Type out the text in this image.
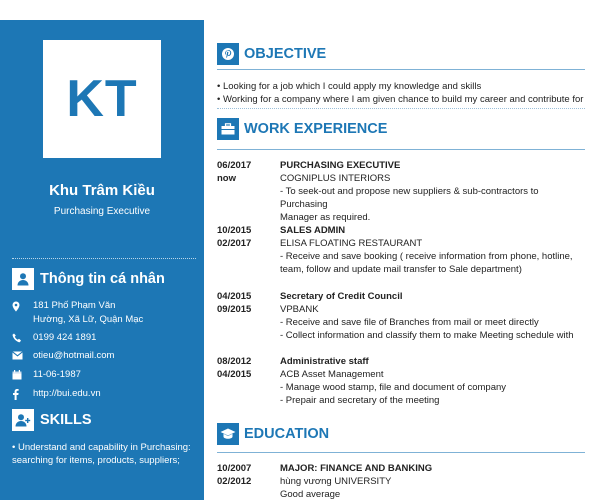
KT
Khu Trâm Kiều
Purchasing Executive
Thông tin cá nhân
181 Phố Phạm Văn
Hường, Xã Lữ, Quận Mạc
0199 424 1891
otieu@hotmail.com
11-06-1987
http://bui.edu.vn
SKILLS
• Understand and capability in Purchasing:
searching for items, products, suppliers;
OBJECTIVE
• Looking for a job which I could apply my knowledge and skills
• Working for a company where I am given chance to build my career and contribute for
WORK EXPERIENCE
06/2017
now
PURCHASING EXECUTIVE
COGNIPLUS INTERIORS
- To seek-out and propose new suppliers & sub-contractors to Purchasing
Manager as required.
10/2015
02/2017
SALES ADMIN
ELISA FLOATING RESTAURANT
- Receive and save booking ( receive information from phone, hotline,
team, follow and update mail transfer to Sale department)
04/2015
09/2015
Secretary of Credit Council
VPBANK
- Receive and save file of Branches from mail or meet directly
- Collect information and classify them to make Meeting schedule with
08/2012
04/2015
Administrative staff
ACB Asset Management
- Manage wood stamp, file and document of company
- Prepair and secretary of the meeting
EDUCATION
10/2007
02/2012
MAJOR: FINANCE AND BANKING
hùng vương UNIVERSITY
Good average
